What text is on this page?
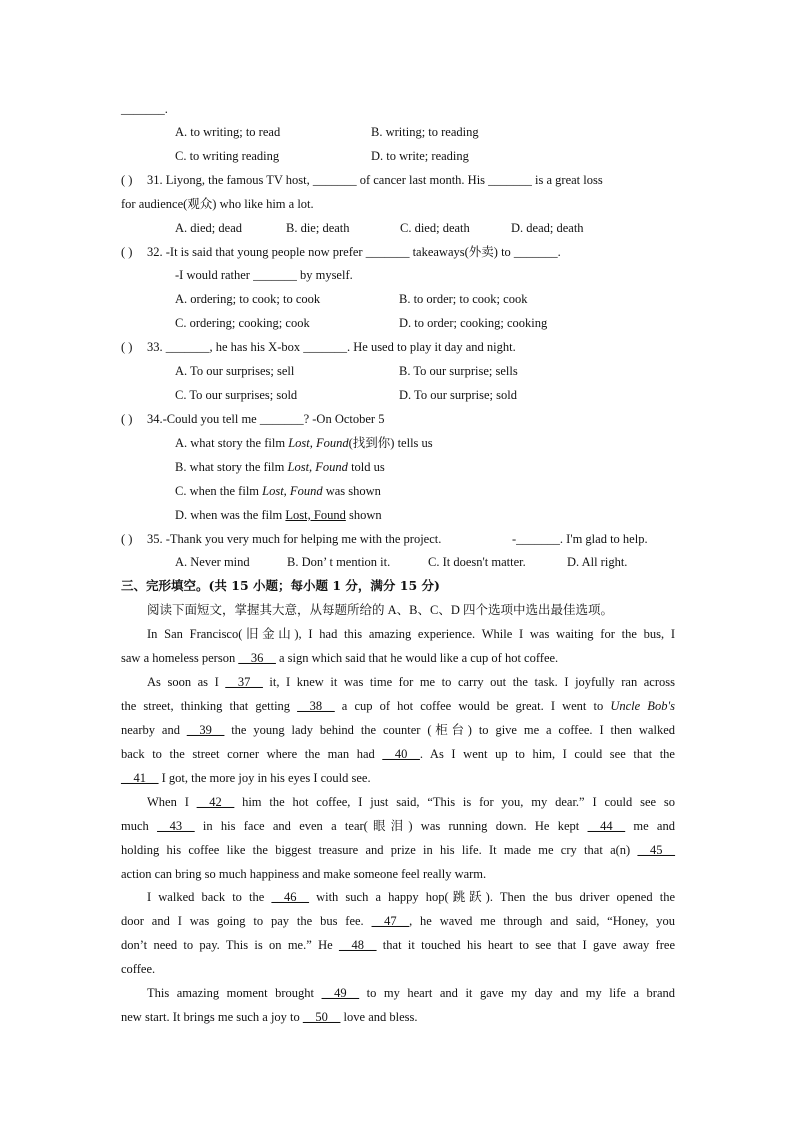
_______.
A. to writing; to read	B. writing; to reading
C. to writing reading	D. to write; reading
( ) 31. Liyong, the famous TV host, _______ of cancer last month. His _______ is a great loss
for audience(观众) who like him a lot.
A. died; dead	B. die; death	C. died; death	D. dead; death
( ) 32. -It is said that young people now prefer _______ takeaways(外卖) to _______.
-I would rather _______ by myself.
A. ordering; to cook; to cook	B. to order; to cook; cook
C. ordering; cooking; cook	D. to order; cooking; cooking
( ) 33. _______, he has his X-box _______. He used to play it day and night.
A. To our surprises; sell	B. To our surprise; sells
C. To our surprises; sold	D. To our surprise; sold
( ) 34.-Could you tell me _______? -On October 5
A. what story the film Lost, Found(找到你) tells us
B. what story the film Lost, Found told us
C. when the film Lost, Found was shown
D. when was the film Lost, Found shown
( ) 35. -Thank you very much for helping me with the project.	-_______. I'm glad to help.
A. Never mind	B. Don’ t mention it.	C. It doesn't matter.	D. All right.
三、完形填空。(共 15 小题；每小题 1 分，满分 15 分)
阅读下面短文，掌握其大意，从每题所给的 A、B、C、D 四个选项中选出最佳选项。
In San Francisco(旧金山), I had this amazing experience. While I was waiting for the bus, I
saw a homeless person __36__ a sign which said that he would like a cup of hot coffee.
As soon as I __37__ it, I knew it was time for me to carry out the task. I joyfully ran across
the street, thinking that getting __38__ a cup of hot coffee would be great. I went to Uncle Bob's
nearby and __39__ the young lady behind the counter (柜台) to give me a coffee. I then walked
back to the street corner where the man had __40__. As I went up to him, I could see that the
__41__ I got, the more joy in his eyes I could see.
When I __42__ him the hot coffee, I just said, “This is for you, my dear.” I could see so
much __43__ in his face and even a tear(眼泪) was running down. He kept __44__ me and
holding his coffee like the biggest treasure and prize in his life. It made me cry that a(n) __45__
action can bring so much happiness and make someone feel really warm.
I walked back to the __46__ with such a happy hop(跳跃). Then the bus driver opened the
door and I was going to pay the bus fee. __47__, he waved me through and said, “Honey, you
don’t need to pay. This is on me.” He __48__ that it touched his heart to see that I gave away free
coffee.
This amazing moment brought __49__ to my heart and it gave my day and my life a brand
new start. It brings me such a joy to __50__ love and bless.
